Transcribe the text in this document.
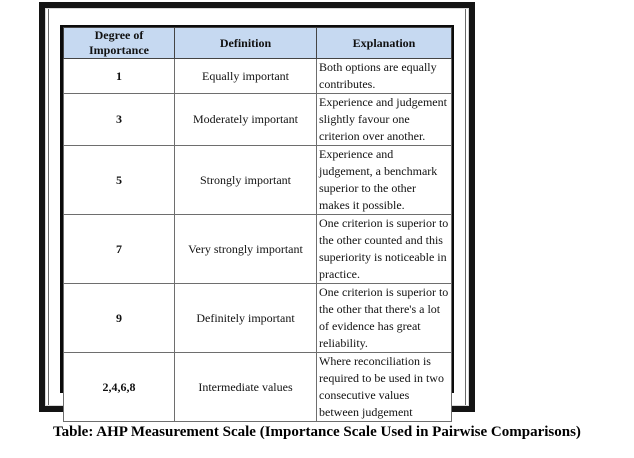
Degree of Importance	Definition	Explanation
1	Equally important	Both options are equally contributes.
3	Moderately important	Experience and judgement slightly favour one criterion over another.
5	Strongly important	Experience and judgement, a benchmark superior to the other makes it possible.
7	Very strongly important	One criterion is superior to the other counted and this superiority is noticeable in practice.
9	Definitely important	One criterion is superior to the other that there's a lot of evidence has great reliability.
2,4,6,8	Intermediate values	Where reconciliation is required to be used in two consecutive values between judgement
Table: AHP Measurement Scale (Importance Scale Used in Pairwise Comparisons)
